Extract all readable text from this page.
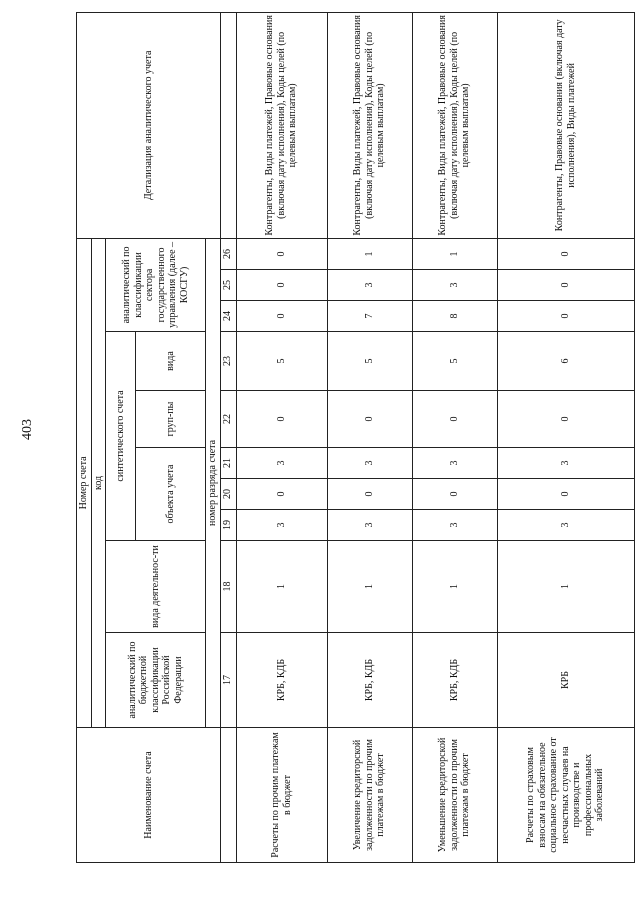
403
Наименование счета	Номер счета										Детализация аналитического учета
	код										
	аналитический по бюджетной классификации Российской Федерации	вида деятельнос-ти	синтетического счета					аналитический по классификации сектора государственного управления (далее – КОСГУ)			
			объекта учета			груп-пы	вида				
	номер разряда счета										
	17	18	19	20	21	22	23	24	25	26	
Расчеты по прочим платежам в бюджет	КРБ, КДБ	1	3	0	3	0	5	0	0	0	Контрагенты, Виды платежей, Правовые основания (включая дату исполнения), Коды целей (по целевым выплатам)
Увеличение кредиторской задолженности по прочим платежам в бюджет	КРБ, КДБ	1	3	0	3	0	5	7	3	1	Контрагенты, Виды платежей, Правовые основания (включая дату исполнения), Коды целей (по целевым выплатам)
Уменьшение кредиторской задолженности по прочим платежам в бюджет	КРБ, КДБ	1	3	0	3	0	5	8	3	1	Контрагенты, Виды платежей, Правовые основания (включая дату исполнения), Коды целей (по целевым выплатам)
Расчеты по страховым взносам на обязательное социальное страхование от несчастных случаев на производстве и профессиональных заболеваний	КРБ	1	3	0	3	0	6	0	0	0	Контрагенты, Правовые основания (включая дату исполнения), Виды платежей
